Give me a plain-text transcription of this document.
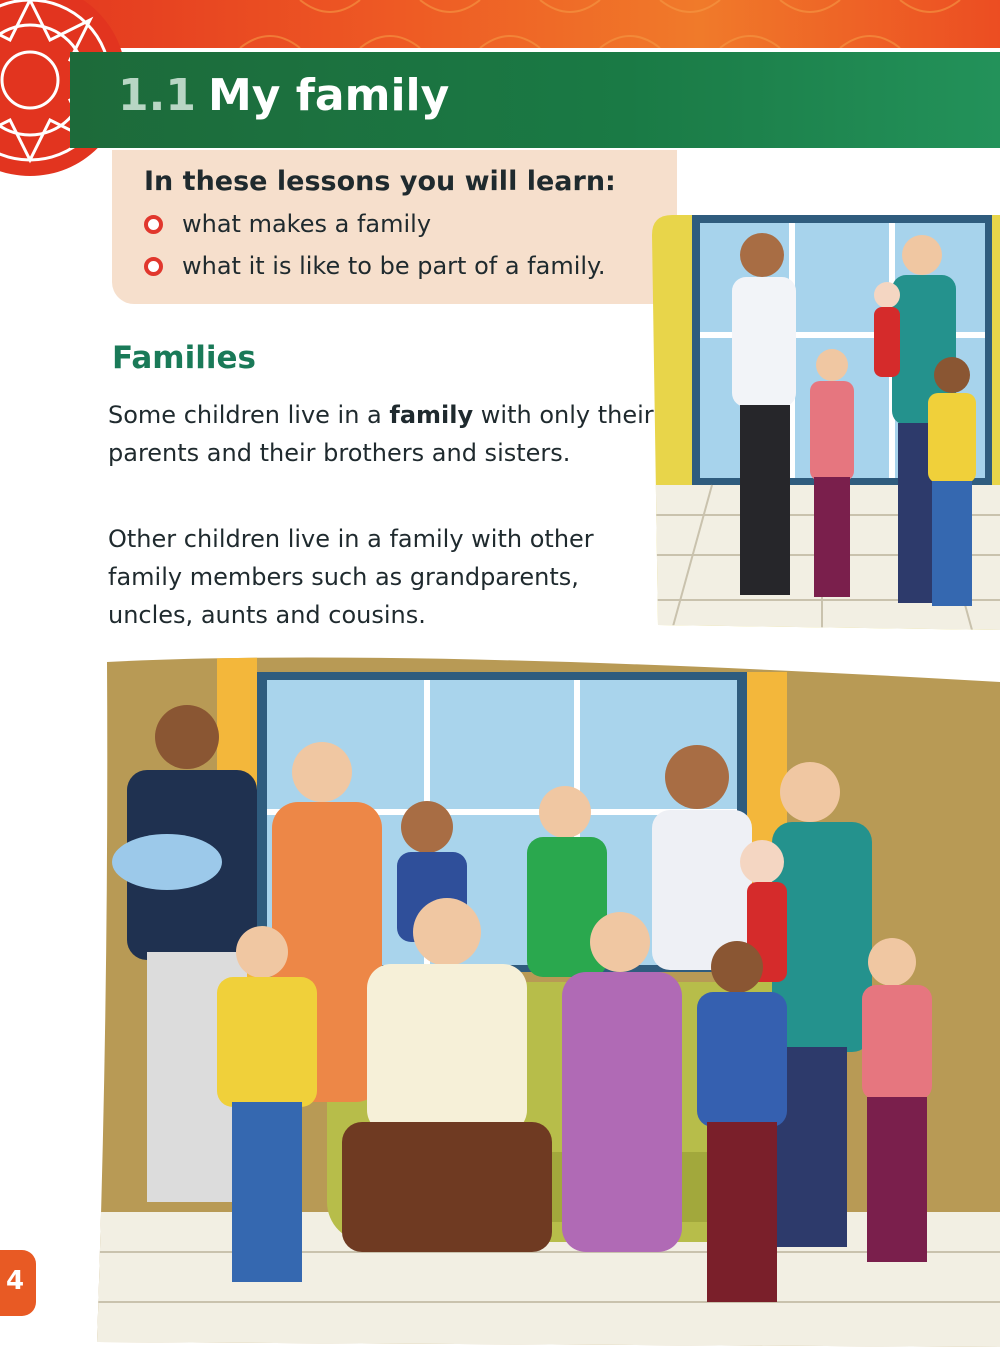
1.1 My family
In these lessons you will learn:
what makes a family
what it is like to be part of a family.
Families
Some children live in a family with only their parents and their brothers and sisters.
Other children live in a family with other family members such as grandparents, uncles, aunts and cousins.
4
